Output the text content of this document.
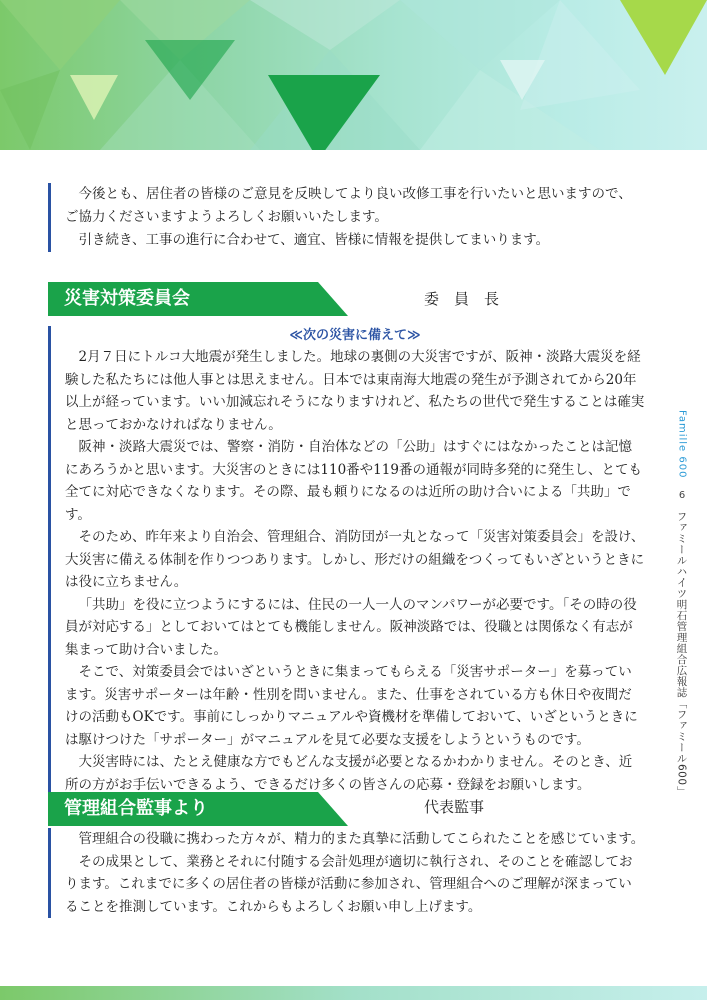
今後とも、居住者の皆様のご意見を反映してより良い改修工事を行いたいと思いますので、ご協力くださいますようよろしくお願いいたします。

引き続き、工事の進行に合わせて、適宜、皆様に情報を提供してまいります。

災害対策委員会	委　員　長
≪次の災害に備えて≫

2月７日にトルコ大地震が発生しました。地球の裏側の大災害ですが、阪神・淡路大震災を経験した私たちには他人事とは思えません。日本では東南海大地震の発生が予測されてから20年以上が経っています。いい加減忘れそうになりますけれど、私たちの世代で発生することは確実と思っておかなければなりません。

阪神・淡路大震災では、警察・消防・自治体などの「公助」はすぐにはなかったことは記憶にあろうかと思います。大災害のときには110番や119番の通報が同時多発的に発生し、とても全てに対応できなくなります。その際、最も頼りになるのは近所の助け合いによる「共助」です。

そのため、昨年来より自治会、管理組合、消防団が一丸となって「災害対策委員会」を設け、大災害に備える体制を作りつつあります。しかし、形だけの組織をつくってもいざというときには役に立ちません。

「共助」を役に立つようにするには、住民の一人一人のマンパワーが必要です。「その時の役員が対応する」としておいてはとても機能しません。阪神淡路では、役職とは関係なく有志が集まって助け合いました。

そこで、対策委員会ではいざというときに集まってもらえる「災害サポーター」を募っています。災害サポーターは年齢・性別を問いません。また、仕事をされている方も休日や夜間だけの活動もOKです。事前にしっかりマニュアルや資機材を準備しておいて、いざというときには駆けつけた「サポーター」がマニュアルを見て必要な支援をしようというものです。

大災害時には、たとえ健康な方でもどんな支援が必要となるかわかりません。そのとき、近所の方がお手伝いできるよう、できるだけ多くの皆さんの応募・登録をお願いします。

管理組合監事より	代表監事

管理組合の役職に携わった方々が、精力的また真摯に活動してこられたことを感じています。

その成果として、業務とそれに付随する会計処理が適切に執行され、そのことを確認しております。これまでに多くの居住者の皆様が活動に参加され、管理組合へのご理解が深まっていることを推測しています。これからもよろしくお願い申し上げます。

Famille 600
6
ファミールハイツ明石管理組合広報誌「ファミール600」
